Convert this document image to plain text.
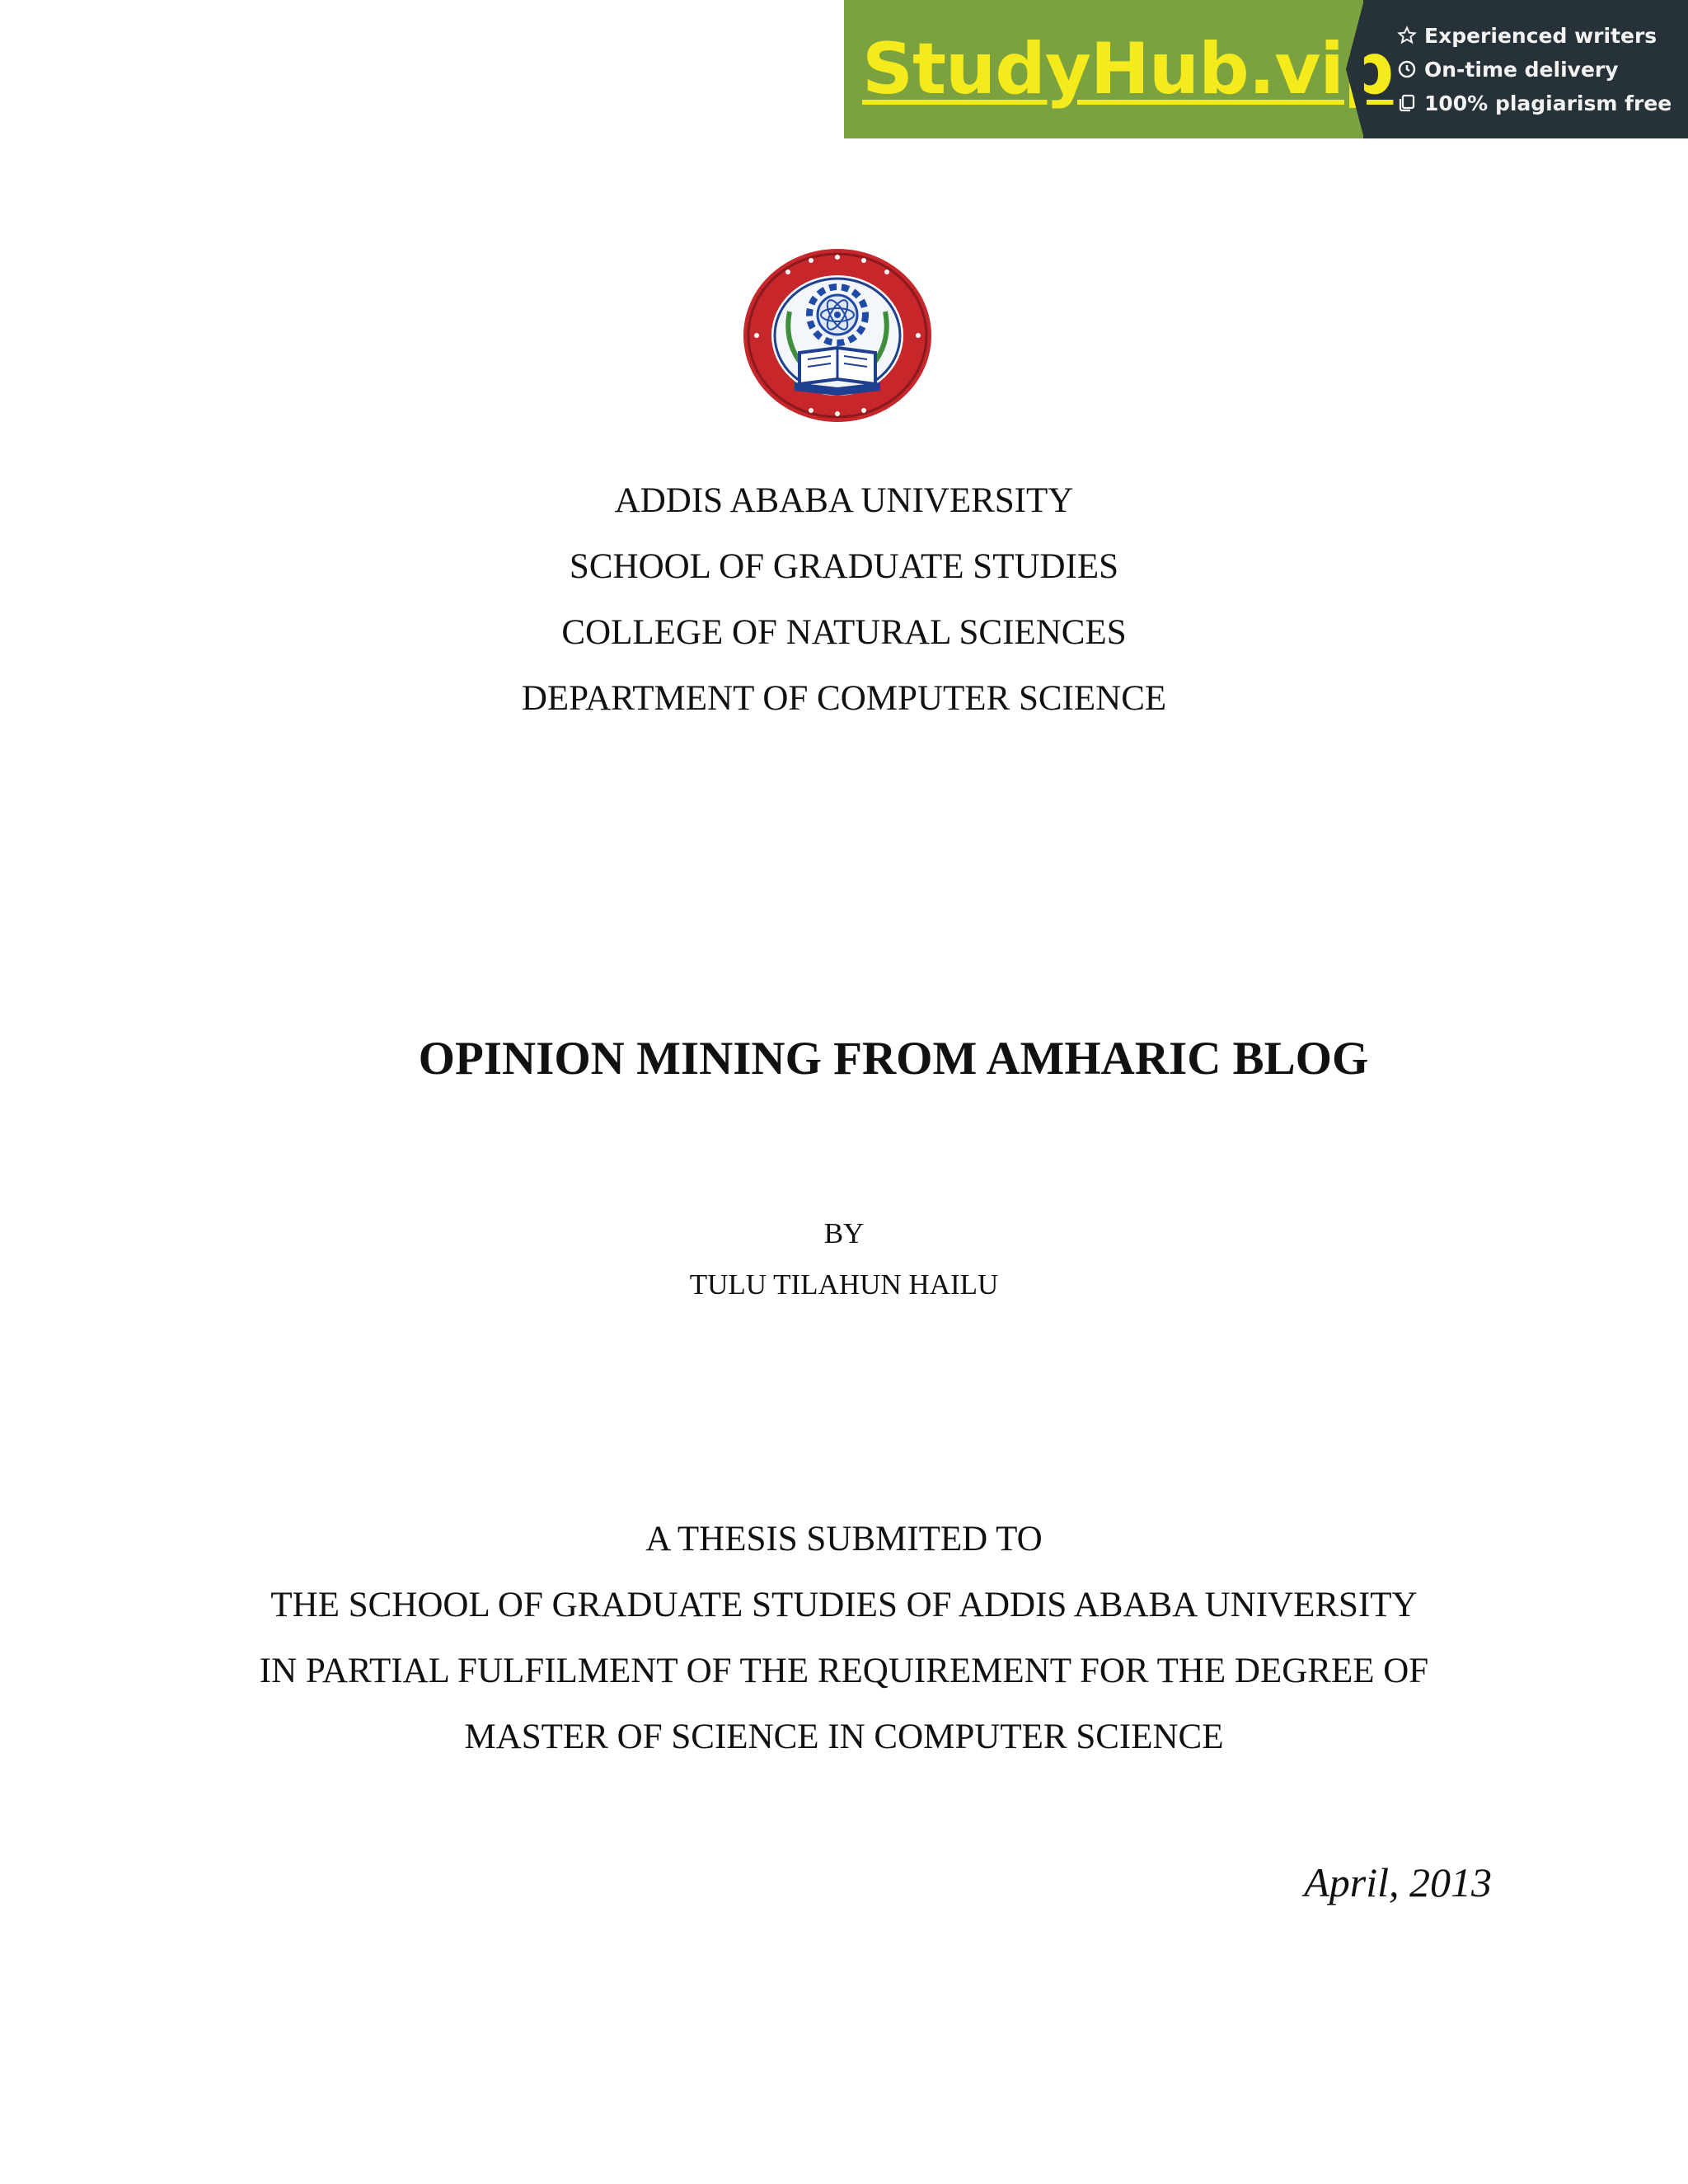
StudyHub.vip Experienced writers
On-time delivery
100% plagiarism free
ADDIS ABABA UNIVERSITY
SCHOOL OF GRADUATE STUDIES
COLLEGE OF NATURAL SCIENCES
DEPARTMENT OF COMPUTER SCIENCE
OPINION MINING FROM AMHARIC BLOG
BY
TULU TILAHUN HAILU
A THESIS SUBMITED TO
THE SCHOOL OF GRADUATE STUDIES OF ADDIS ABABA UNIVERSITY
IN PARTIAL FULFILMENT OF THE REQUIREMENT FOR THE DEGREE OF
MASTER OF SCIENCE IN COMPUTER SCIENCE
April, 2013
